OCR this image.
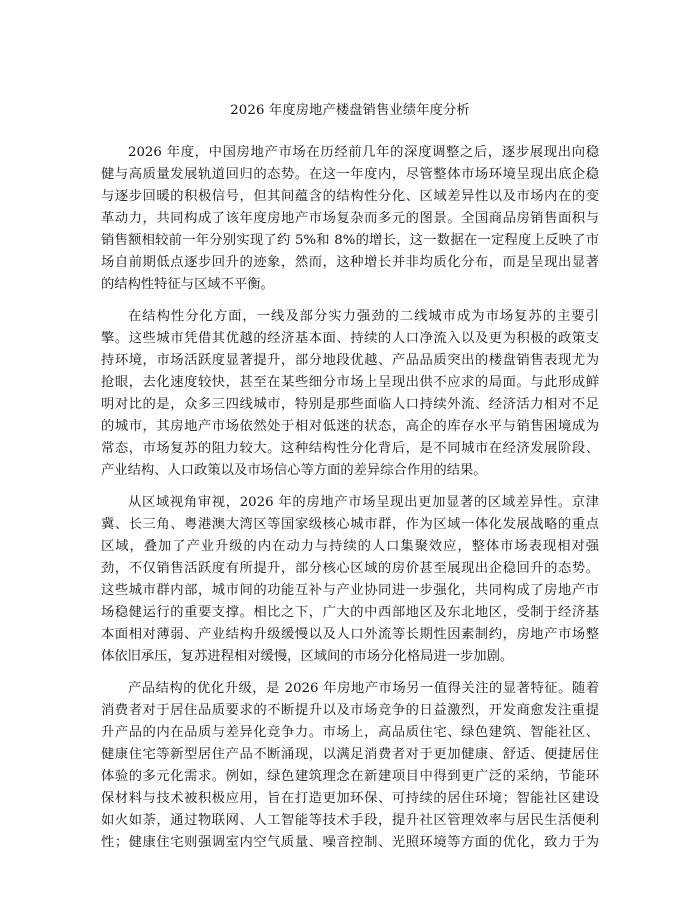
2026 年度房地产楼盘销售业绩年度分析
2026 年度，中国房地产市场在历经前几年的深度调整之后，逐步展现出向稳
健与高质量发展轨道回归的态势。在这一年度内，尽管整体市场环境呈现出底企稳
与逐步回暖的积极信号，但其间蕴含的结构性分化、区域差异性以及市场内在的变
革动力，共同构成了该年度房地产市场复杂而多元的图景。全国商品房销售面积与
销售额相较前一年分别实现了约 5%和 8%的增长，这一数据在一定程度上反映了市
场自前期低点逐步回升的迹象，然而，这种增长并非均质化分布，而是呈现出显著
的结构性特征与区域不平衡。
在结构性分化方面，一线及部分实力强劲的二线城市成为市场复苏的主要引
擎。这些城市凭借其优越的经济基本面、持续的人口净流入以及更为积极的政策支
持环境，市场活跃度显著提升，部分地段优越、产品品质突出的楼盘销售表现尤为
抢眼，去化速度较快，甚至在某些细分市场上呈现出供不应求的局面。与此形成鲜
明对比的是，众多三四线城市，特别是那些面临人口持续外流、经济活力相对不足
的城市，其房地产市场依然处于相对低迷的状态，高企的库存水平与销售困境成为
常态，市场复苏的阻力较大。这种结构性分化背后，是不同城市在经济发展阶段、
产业结构、人口政策以及市场信心等方面的差异综合作用的结果。
从区域视角审视，2026 年的房地产市场呈现出更加显著的区域差异性。京津
冀、长三角、粤港澳大湾区等国家级核心城市群，作为区域一体化发展战略的重点
区域，叠加了产业升级的内在动力与持续的人口集聚效应，整体市场表现相对强
劲，不仅销售活跃度有所提升，部分核心区域的房价甚至展现出企稳回升的态势。
这些城市群内部，城市间的功能互补与产业协同进一步强化，共同构成了房地产市
场稳健运行的重要支撑。相比之下，广大的中西部地区及东北地区，受制于经济基
本面相对薄弱、产业结构升级缓慢以及人口外流等长期性因素制约，房地产市场整
体依旧承压，复苏进程相对缓慢，区域间的市场分化格局进一步加剧。
产品结构的优化升级，是 2026 年房地产市场另一值得关注的显著特征。随着
消费者对于居住品质要求的不断提升以及市场竞争的日益激烈，开发商愈发注重提
升产品的内在品质与差异化竞争力。市场上，高品质住宅、绿色建筑、智能社区、
健康住宅等新型居住产品不断涌现，以满足消费者对于更加健康、舒适、便捷居住
体验的多元化需求。例如，绿色建筑理念在新建项目中得到更广泛的采纳，节能环
保材料与技术被积极应用，旨在打造更加环保、可持续的居住环境；智能社区建设
如火如荼，通过物联网、人工智能等技术手段，提升社区管理效率与居民生活便利
性；健康住宅则强调室内空气质量、噪音控制、光照环境等方面的优化，致力于为
